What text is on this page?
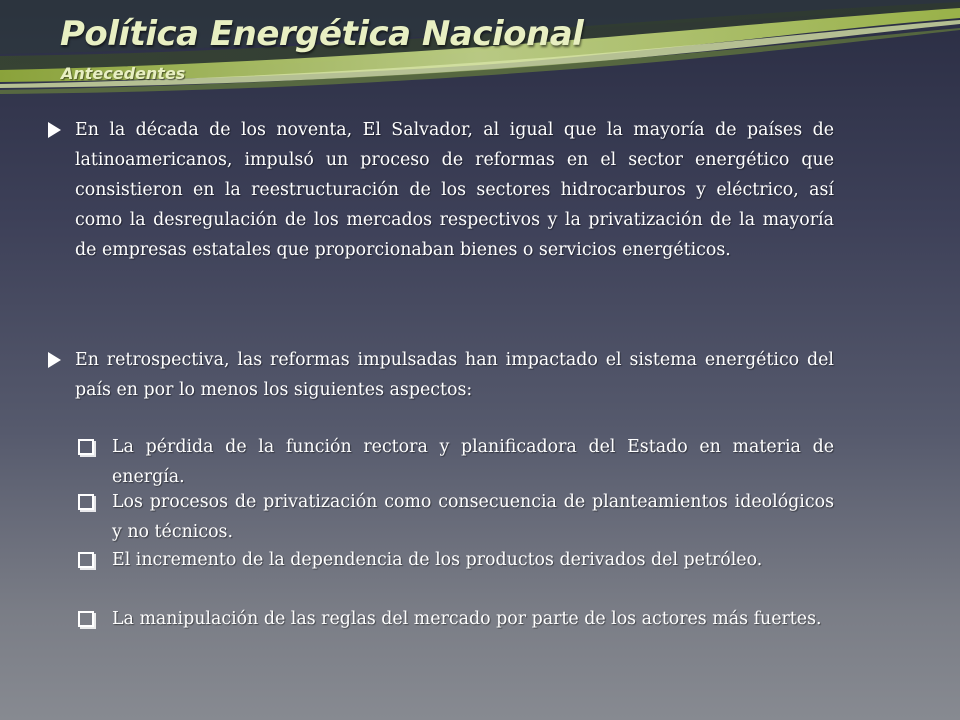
Política Energética Nacional
Antecedentes

En la década de los noventa, El Salvador, al igual que la mayoría de países de latinoamericanos, impulsó un proceso de reformas en el sector energético que consistieron en la reestructuración de los sectores hidrocarburos y eléctrico, así como la desregulación de los mercados respectivos y la privatización de la mayoría de empresas estatales que proporcionaban bienes o servicios energéticos.

En retrospectiva, las reformas impulsadas han impactado el sistema energético del país en por lo menos los siguientes aspectos:

La pérdida de la función rectora y planificadora del Estado en materia de energía.

Los procesos de privatización como consecuencia de planteamientos ideológicos y no técnicos.

El incremento de la dependencia de los productos derivados del petróleo.

La manipulación de las reglas del mercado por parte de los actores más fuertes.
